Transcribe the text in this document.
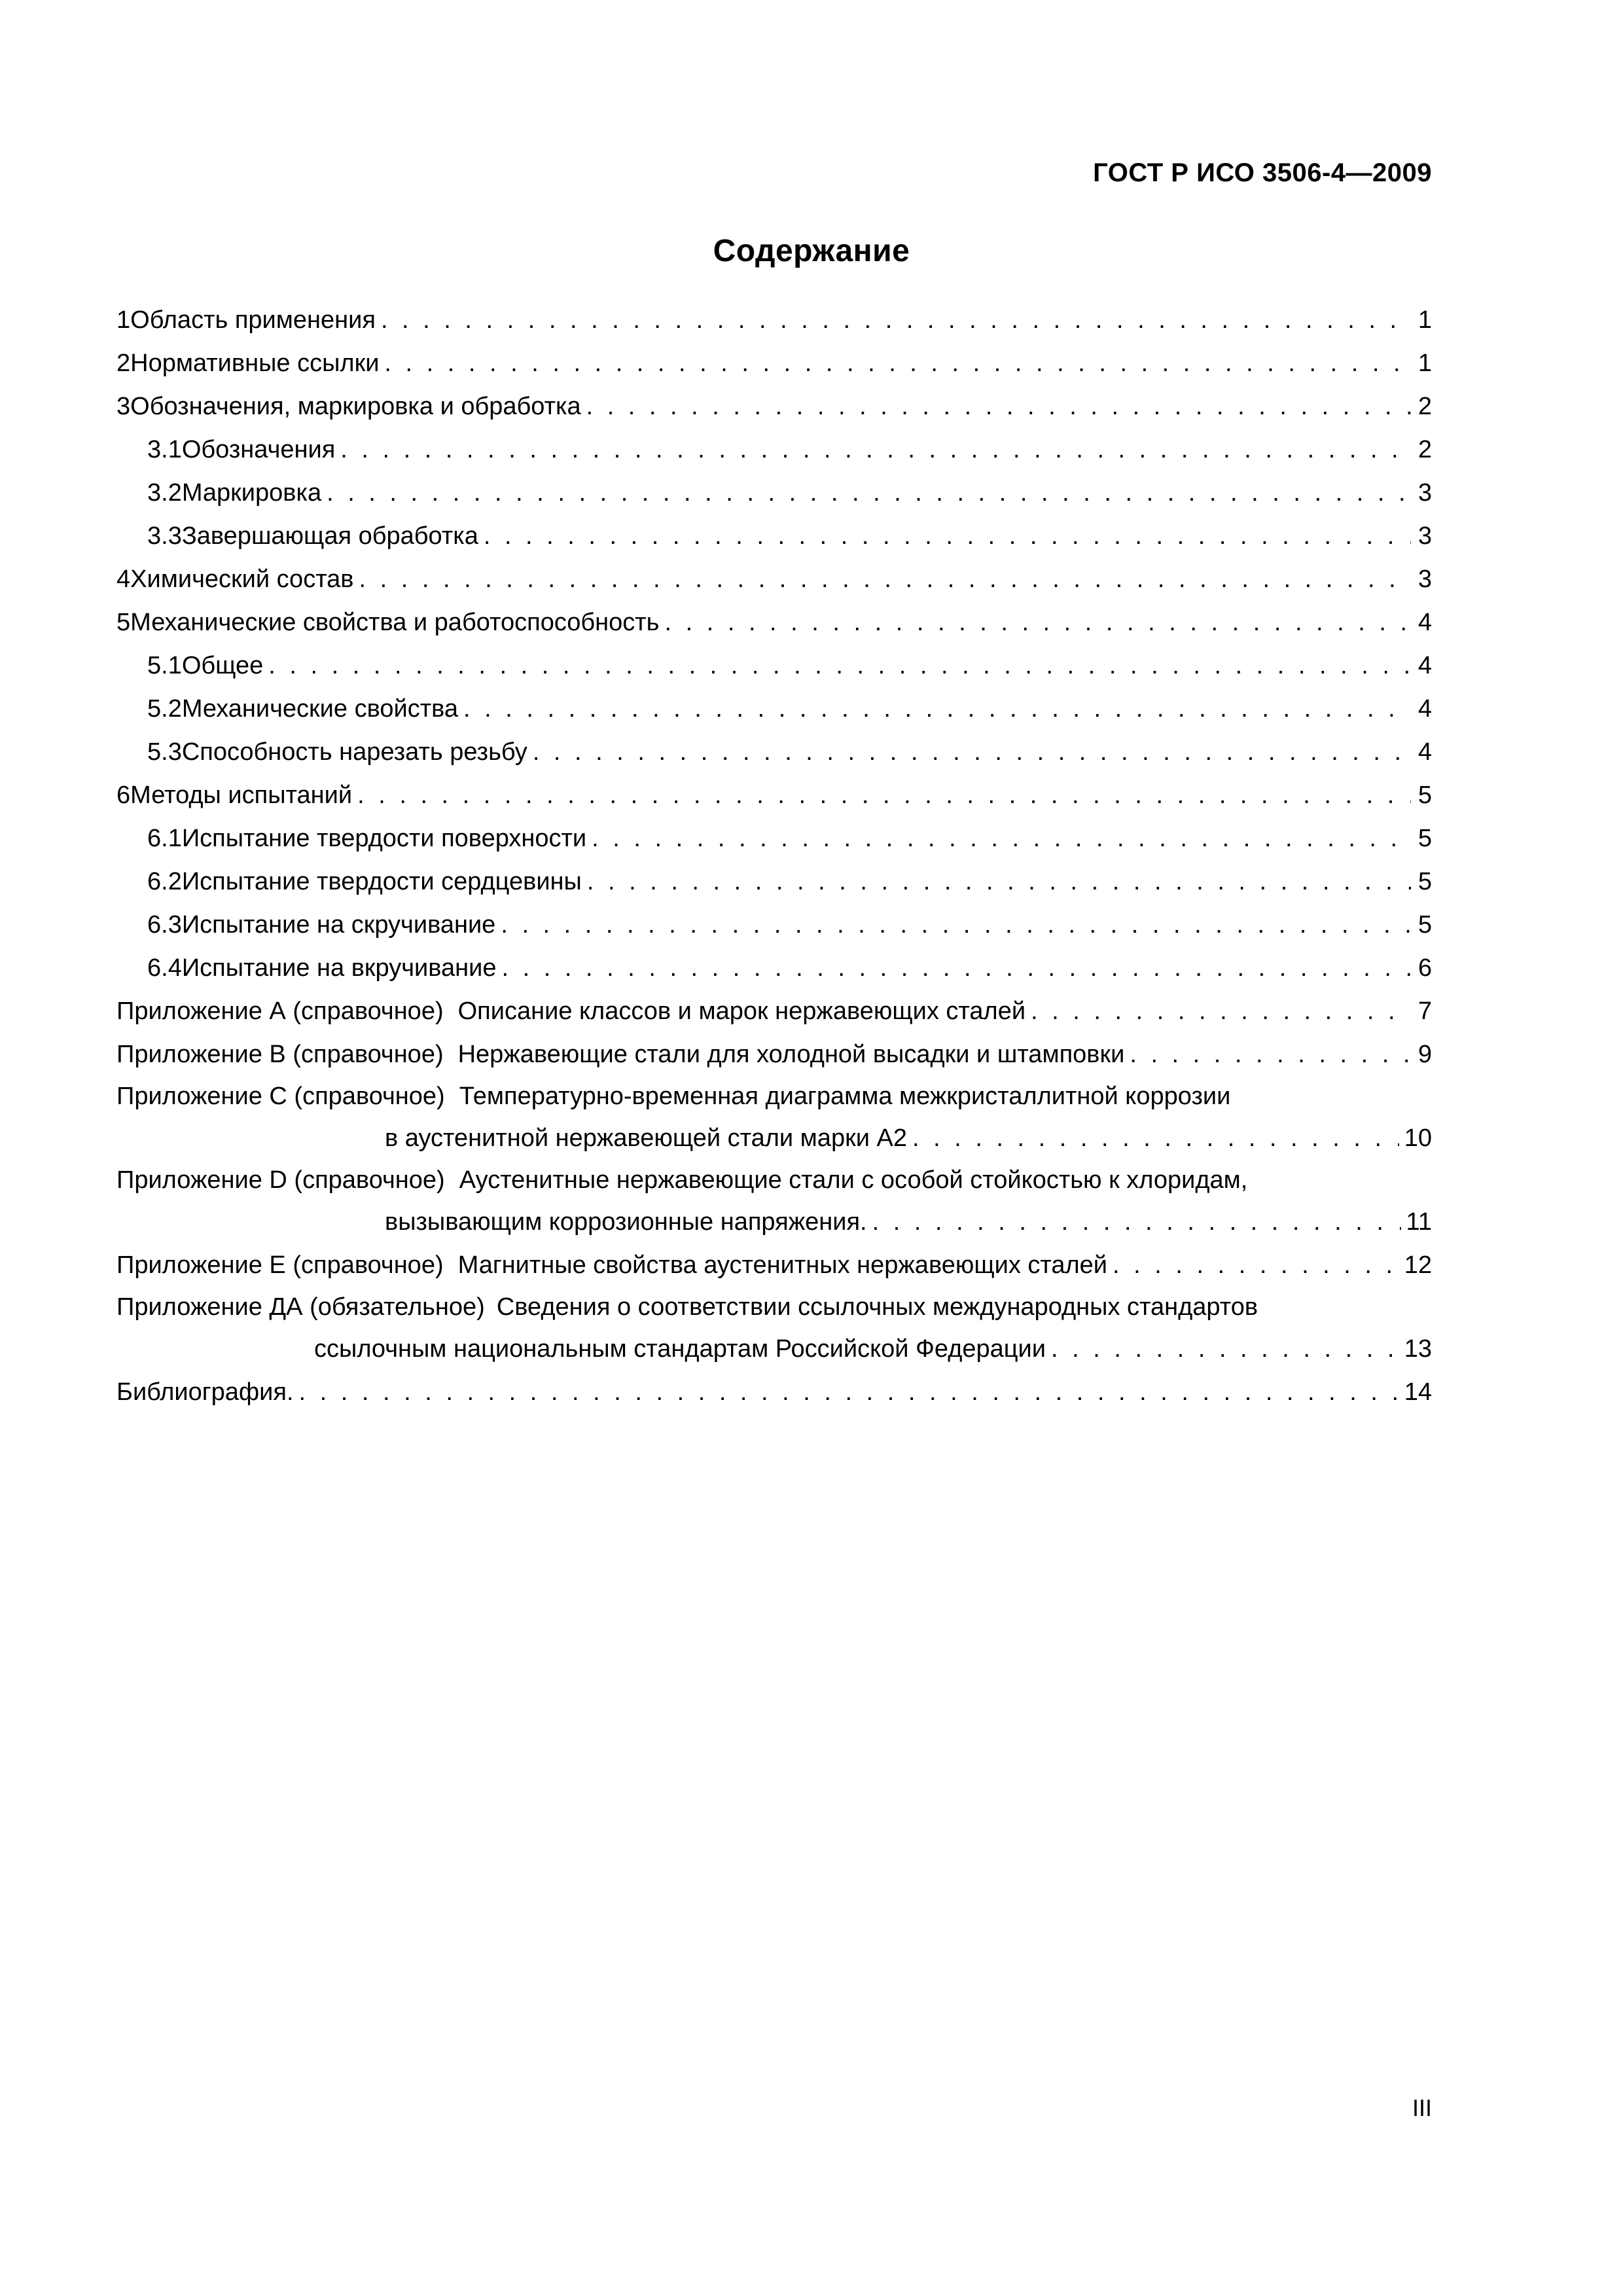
ГОСТ Р ИСО 3506-4—2009
Содержание
1 Область применения . . .	1
2 Нормативные ссылки . . .	1
3 Обозначения, маркировка и обработка . . .	2
3.1 Обозначения . . .	2
3.2 Маркировка . . .	3
3.3 Завершающая обработка . . .	3
4 Химический состав . . .	3
5 Механические свойства и работоспособность . . .	4
5.1 Общее . . .	4
5.2 Механические свойства . . .	4
5.3 Способность нарезать резьбу . . .	4
6 Методы испытаний . . .	5
6.1 Испытание твердости поверхности . . .	5
6.2 Испытание твердости сердцевины . . .	5
6.3 Испытание на скручивание . . .	5
6.4 Испытание на вкручивание . . .	6
Приложение А (справочное) Описание классов и марок нержавеющих сталей . . .	7
Приложение В (справочное) Нержавеющие стали для холодной высадки и штамповки . . .	9
Приложение С (справочное) Температурно-временная диаграмма межкристаллитной коррозии
в аустенитной нержавеющей стали марки А2 . . .	10
Приложение D (справочное) Аустенитные нержавеющие стали с особой стойкостью к хлоридам,
вызывающим коррозионные напряжения. . . .	11
Приложение Е (справочное) Магнитные свойства аустенитных нержавеющих сталей . . .	12
Приложение ДА (обязательное) Сведения о соответствии ссылочных международных стандартов
ссылочным национальным стандартам Российской Федерации . . .	13
Библиография. . . .	14
III
